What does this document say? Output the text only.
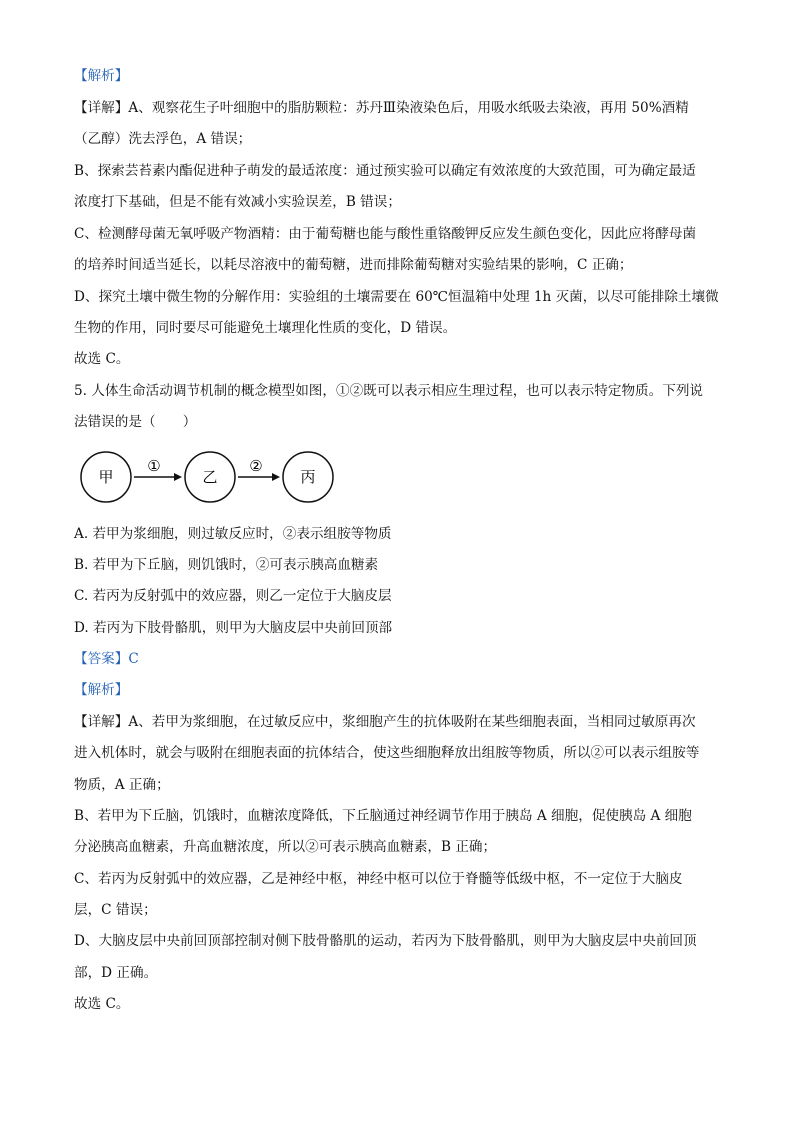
【解析】
【详解】A、观察花生子叶细胞中的脂肪颗粒：苏丹Ⅲ染液染色后，用吸水纸吸去染液，再用 50%酒精
（乙醇）洗去浮色，A 错误；
B、探索芸苔素内酯促进种子萌发的最适浓度：通过预实验可以确定有效浓度的大致范围，可为确定最适
浓度打下基础，但是不能有效减小实验误差，B 错误；
C、检测酵母菌无氧呼吸产物酒精：由于葡萄糖也能与酸性重铬酸钾反应发生颜色变化，因此应将酵母菌
的培养时间适当延长，以耗尽溶液中的葡萄糖，进而排除葡萄糖对实验结果的影响，C 正确；
D、探究土壤中微生物的分解作用：实验组的土壤需要在 60℃恒温箱中处理 1h 灭菌，以尽可能排除土壤微
生物的作用，同时要尽可能避免土壤理化性质的变化，D 错误。
故选 C。
5. 人体生命活动调节机制的概念模型如图，①②既可以表示相应生理过程，也可以表示特定物质。下列说
法错误的是（　　）
甲
①
乙
②
丙
A. 若甲为浆细胞，则过敏反应时，②表示组胺等物质
B. 若甲为下丘脑，则饥饿时，②可表示胰高血糖素
C. 若丙为反射弧中的效应器，则乙一定位于大脑皮层
D. 若丙为下肢骨骼肌，则甲为大脑皮层中央前回顶部
【答案】C
【解析】
【详解】A、若甲为浆细胞，在过敏反应中，浆细胞产生的抗体吸附在某些细胞表面，当相同过敏原再次
进入机体时，就会与吸附在细胞表面的抗体结合，使这些细胞释放出组胺等物质，所以②可以表示组胺等
物质，A 正确；
B、若甲为下丘脑，饥饿时，血糖浓度降低，下丘脑通过神经调节作用于胰岛 A 细胞，促使胰岛 A 细胞
分泌胰高血糖素，升高血糖浓度，所以②可表示胰高血糖素，B 正确；
C、若丙为反射弧中的效应器，乙是神经中枢，神经中枢可以位于脊髓等低级中枢，不一定位于大脑皮
层，C 错误；
D、大脑皮层中央前回顶部控制对侧下肢骨骼肌的运动，若丙为下肢骨骼肌，则甲为大脑皮层中央前回顶
部，D 正确。
故选 C。
